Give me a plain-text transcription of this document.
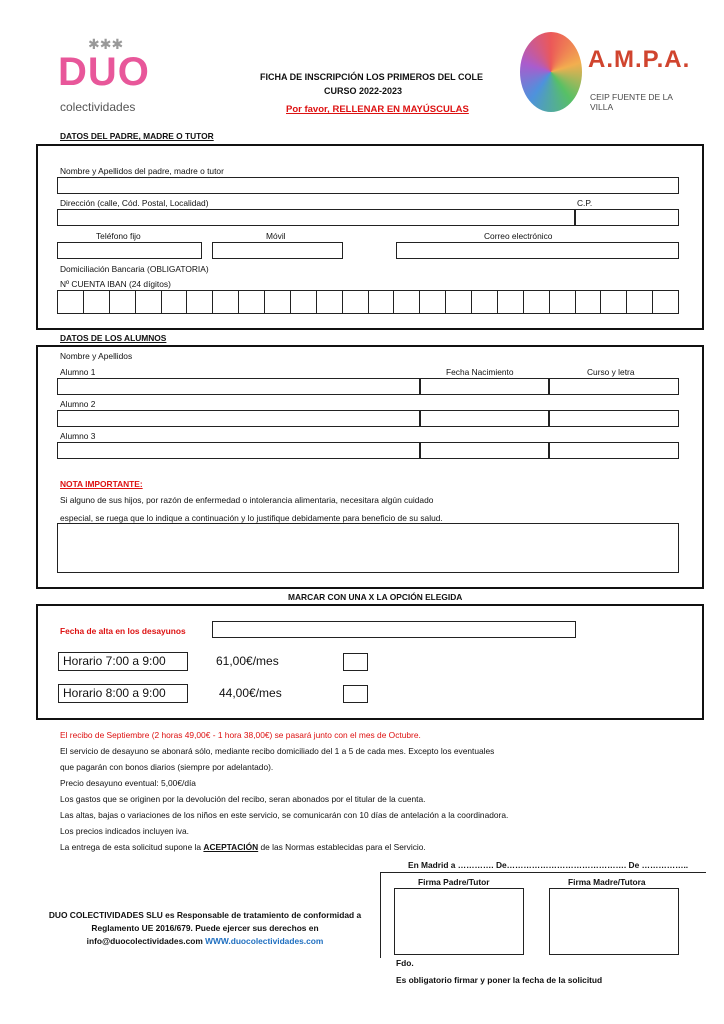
✱✱✱
DUO
colectividades
FICHA DE INSCRIPCIÓN LOS PRIMEROS DEL COLE
CURSO 2022-2023
Por favor, RELLENAR EN MAYÚSCULAS
A.M.P.A.
CEIP FUENTE DE LA VILLA
DATOS DEL PADRE, MADRE O TUTOR
Nombre y Apellidos del padre, madre o tutor
Dirección (calle, Cód. Postal, Localidad)	C.P.
Teléfono fijo	Móvil	Correo electrónico
Domiciliación Bancaria (OBLIGATORIA)
Nº CUENTA IBAN (24 dígitos)
DATOS DE LOS ALUMNOS
Nombre y Apellidos
Fecha Nacimiento	Curso y letra
Alumno 1
Alumno 2
Alumno 3
NOTA IMPORTANTE:
Si alguno de sus hijos, por razón de enfermedad o intolerancia alimentaria, necesitara algún cuidado
especial, se ruega que lo indique a continuación y lo justifique debidamente para beneficio de su salud.
MARCAR CON UNA X LA OPCIÓN ELEGIDA
Fecha de alta en los desayunos
Horario 7:00 a 9:00	61,00€/mes
Horario 8:00 a 9:00	44,00€/mes
El recibo de Septiembre (2 horas 49,00€ - 1 hora 38,00€) se pasará junto con el mes de Octubre.
El servicio de desayuno se abonará sólo, mediante recibo domiciliado del 1 a 5 de cada mes. Excepto los eventuales
que pagarán con bonos diarios (siempre por adelantado).
Precio desayuno eventual: 5,00€/día
Los gastos que se originen por la devolución del recibo, seran abonados por el titular de la cuenta.
Las altas, bajas o variaciones de los niños en este servicio, se comunicarán con 10 días de antelación a la coordinadora.
Los precios indicados incluyen iva.
La entrega de esta solicitud supone la ACEPTACIÓN de las Normas establecidas para el Servicio.
En Madrid a …………. De……………………………………. De ……………..
Firma Padre/Tutor	Firma Madre/Tutora
Fdo.
Es obligatorio firmar y poner la fecha de la solicitud
DUO COLECTIVIDADES SLU es Responsable de tratamiento de conformidad a
Reglamento UE 2016/679. Puede ejercer sus derechos en
info@duocolectividades.com WWW.duocolectividades.com
